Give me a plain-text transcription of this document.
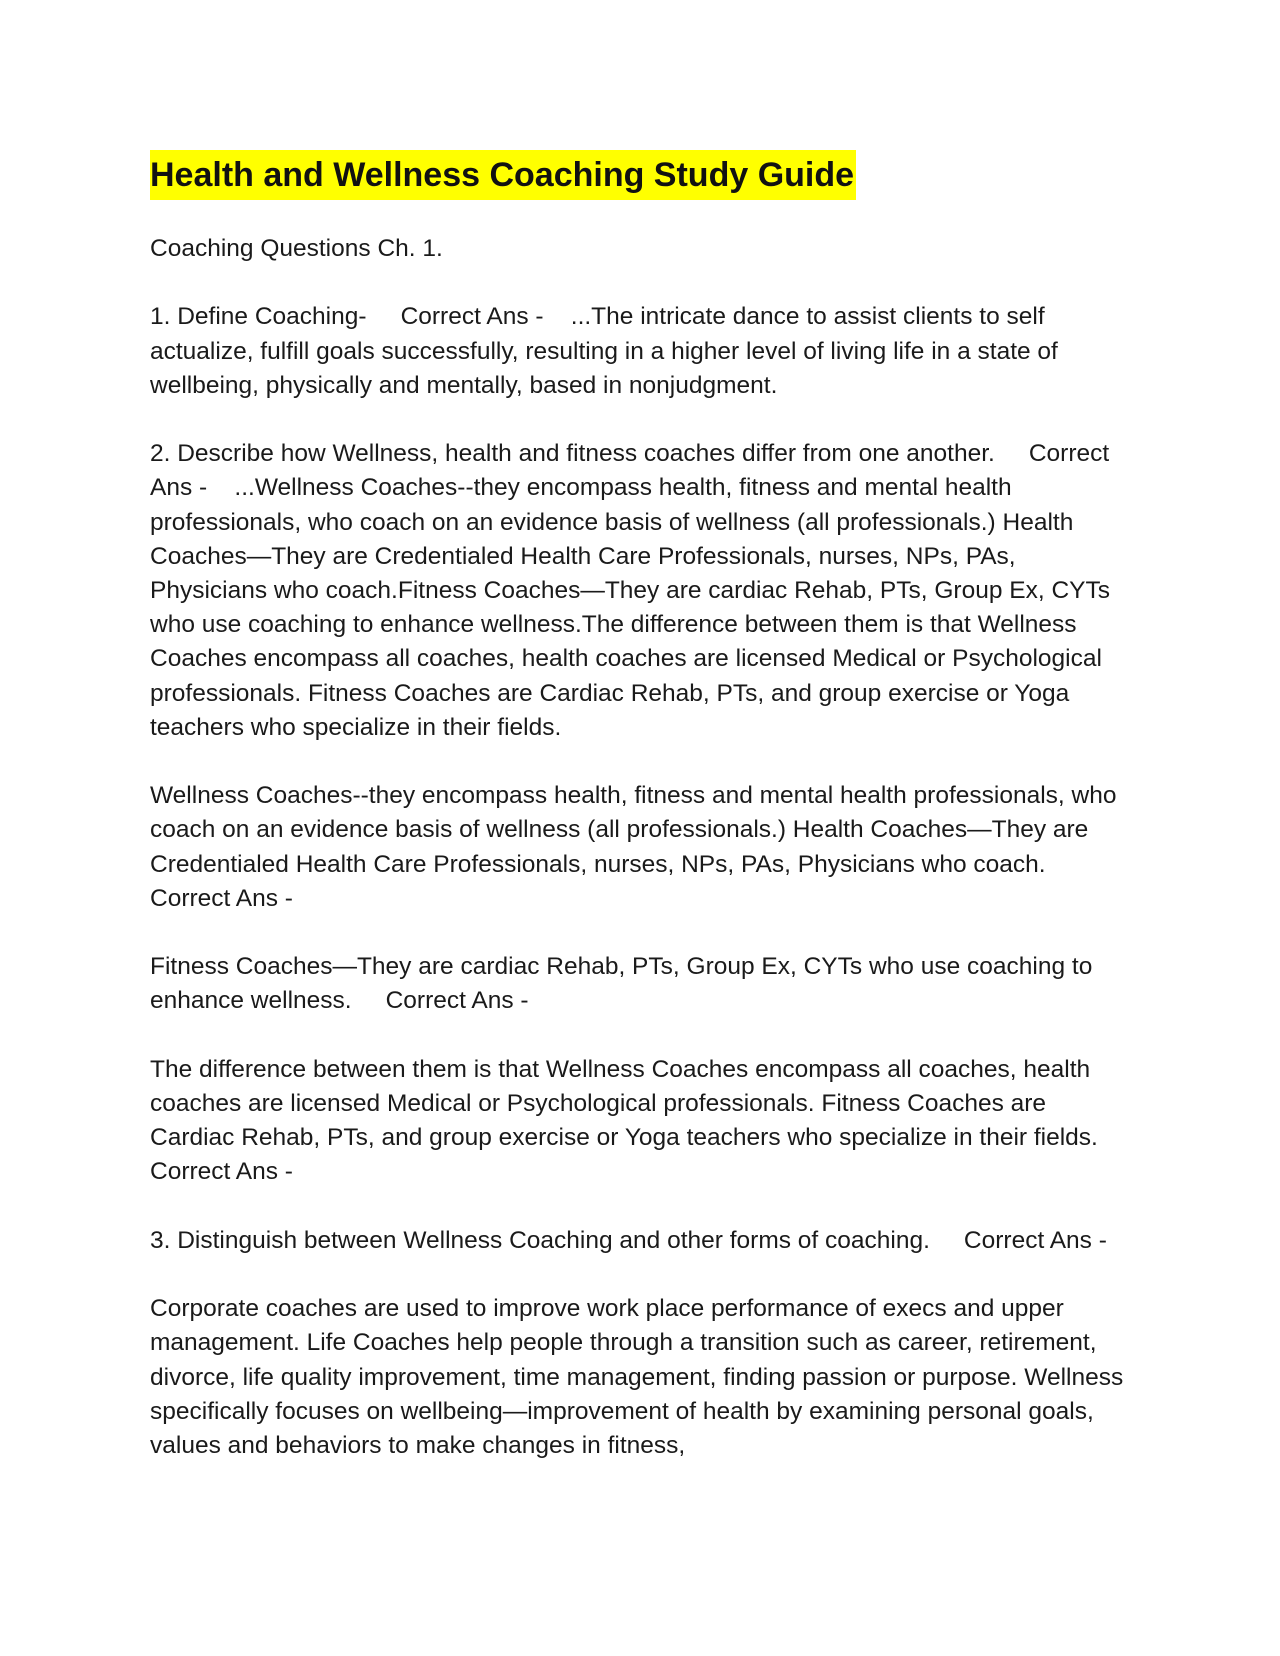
Health and Wellness Coaching Study Guide

Coaching Questions Ch. 1.

1. Define Coaching-     Correct Ans -    ...The intricate dance to assist clients to self actualize, fulfill goals successfully, resulting in a higher level of living life in a state of wellbeing, physically and mentally, based in nonjudgment.

2. Describe how Wellness, health and fitness coaches differ from one another.     Correct Ans -    ...Wellness Coaches--they encompass health, fitness and mental health professionals, who coach on an evidence basis of wellness (all professionals.) Health Coaches—They are Credentialed Health Care Professionals, nurses, NPs, PAs, Physicians who coach.Fitness Coaches—They are cardiac Rehab, PTs, Group Ex, CYTs who use coaching to enhance wellness.The difference between them is that Wellness Coaches encompass all coaches, health coaches are licensed Medical or Psychological professionals. Fitness Coaches are Cardiac Rehab, PTs, and group exercise or Yoga teachers who specialize in their fields.

Wellness Coaches--they encompass health, fitness and mental health professionals, who coach on an evidence basis of wellness (all professionals.) Health Coaches—They are Credentialed Health Care Professionals, nurses, NPs, PAs, Physicians who coach.     Correct Ans -

Fitness Coaches—They are cardiac Rehab, PTs, Group Ex, CYTs who use coaching to enhance wellness.     Correct Ans -

The difference between them is that Wellness Coaches encompass all coaches, health coaches are licensed Medical or Psychological professionals. Fitness Coaches are Cardiac Rehab, PTs, and group exercise or Yoga teachers who specialize in their fields.     Correct Ans -

3. Distinguish between Wellness Coaching and other forms of coaching.     Correct Ans -

Corporate coaches are used to improve work place performance of execs and upper management. Life Coaches help people through a transition such as career, retirement, divorce, life quality improvement, time management, finding passion or purpose. Wellness specifically focuses on wellbeing—improvement of health by examining personal goals, values and behaviors to make changes in fitness,
